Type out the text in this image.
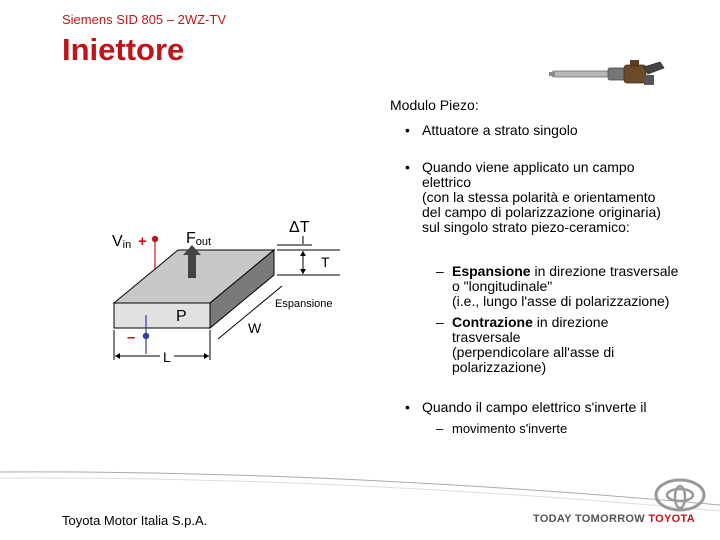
Siemens SID 805 – 2WZ-TV
Iniettore
Modulo Piezo:
• Attuatore a strato singolo
• Quando viene applicato un campo
elettrico
(con la stessa polarità e orientamento
del campo di polarizzazione originaria)
sul singolo strato piezo-ceramico:
– Espansione in direzione trasversale
o "longitudinale"
(i.e., lungo l'asse di polarizzazione)
– Contrazione in direzione
trasversale
(perpendicolare all'asse di
polarizzazione)
• Quando il campo elettrico s'inverte il
– movimento s'inverte
+
–
Vin	Fout
ΔT
T
Espansione
P
W
L
Toyota Motor Italia S.p.A.	TODAY TOMORROW TOYOTA
